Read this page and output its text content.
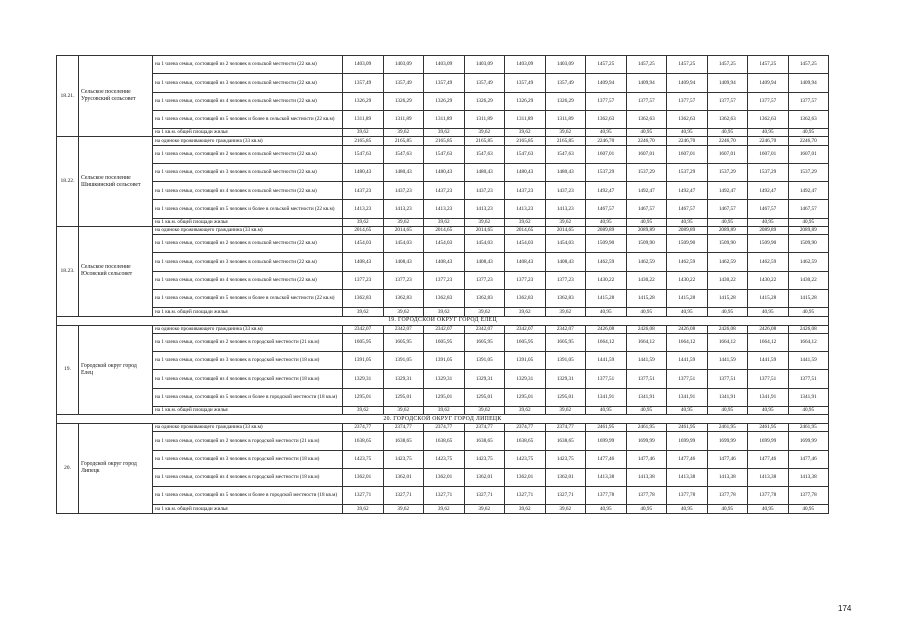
18.21.	Сельское поселение Урусовский сельсовет	на 1 члена семьи, состоящей из 2 человек в сельской местности (22 кв.м)	1403,09	1403,09	1403,09	1403,09	1403,09	1403,09	1457,25	1457,25	1457,25	1457,25	1457,25	1457,25
		на 1 члена семьи, состоящей из 3 человек в сельской местности (22 кв.м)	1357,49	1357,49	1357,49	1357,49	1357,49	1357,49	1409,94	1409,94	1409,94	1409,94	1409,94	1409,94
		на 1 члена семьи, состоящей из 4 человек в сельской местности (22 кв.м)	1326,29	1326,29	1326,29	1326,29	1326,29	1326,29	1377,57	1377,57	1377,57	1377,57	1377,57	1377,57
		на 1 члена семьи, состоящей из 5 человек и более в сельской местности (22 кв.м)	1311,89	1311,89	1311,89	1311,89	1311,89	1311,89	1362,63	1362,63	1362,63	1362,63	1362,63	1362,63
		на 1 кв.м. общей площади жилья	39,62	39,62	39,62	39,62	39,62	39,62	40,95	40,95	40,95	40,95	40,95	40,95
18.22.	Сельское поселение Шишкинский сельсовет	на одиноко проживающего гражданина (33 кв.м)	2165,85	2165,85	2165,85	2165,85	2165,85	2165,85	2246,70	2246,70	2246,70	2246,70	2246,70	2246,70
		на 1 члена семьи, состоящей из 2 человек в сельской местности (22 кв.м)	1547,63	1547,63	1547,63	1547,63	1547,63	1547,63	1607,01	1607,01	1607,01	1607,01	1607,01	1607,01
		на 1 члена семьи, состоящей из 3 человек в сельской местности (22 кв.м)	1480,43	1480,43	1480,43	1480,43	1480,43	1480,43	1537,29	1537,29	1537,29	1537,29	1537,29	1537,29
		на 1 члена семьи, состоящей из 4 человек в сельской местности (22 кв.м)	1437,23	1437,23	1437,23	1437,23	1437,23	1437,23	1492,47	1492,47	1492,47	1492,47	1492,47	1492,47
		на 1 члена семьи, состоящей из 5 человек и более в сельской местности (22 кв.м)	1413,23	1413,23	1413,23	1413,23	1413,23	1413,23	1467,57	1467,57	1467,57	1467,57	1467,57	1467,57
		на 1 кв.м. общей площади жилья	39,62	39,62	39,62	39,62	39,62	39,62	40,95	40,95	40,95	40,95	40,95	40,95
18.23.	Сельское поселение Юсовский сельсовет	на одиноко проживающего гражданина (33 кв.м)	2014,65	2014,65	2014,65	2014,65	2014,65	2014,65	2089,89	2089,89	2089,89	2089,89	2089,89	2089,89
		на 1 члена семьи, состоящей из 2 человек в сельской местности (22 кв.м)	1454,03	1454,03	1454,03	1454,03	1454,03	1454,03	1509,90	1509,90	1509,90	1509,90	1509,90	1509,90
		на 1 члена семьи, состоящей из 3 человек в сельской местности (22 кв.м)	1408,43	1408,43	1408,43	1408,43	1408,43	1408,43	1462,59	1462,59	1462,59	1462,59	1462,59	1462,59
		на 1 члена семьи, состоящей из 4 человек в сельской местности (22 кв.м)	1377,23	1377,23	1377,23	1377,23	1377,23	1377,23	1430,22	1430,22	1430,22	1430,22	1430,22	1430,22
		на 1 члена семьи, состоящей из 5 человек и более в сельской местности (22 кв.м)	1362,83	1362,83	1362,83	1362,83	1362,83	1362,83	1415,28	1415,28	1415,28	1415,28	1415,28	1415,28
		на 1 кв.м. общей площади жилья	39,62	39,62	39,62	39,62	39,62	39,62	40,95	40,95	40,95	40,95	40,95	40,95
19. ГОРОДСКОЙ ОКРУГ ГОРОД ЕЛЕЦ														
19.	Городской округ город Елец	на одиноко проживающего гражданина (33 кв.м)	2342,07	2342,07	2342,07	2342,07	2342,07	2342,07	2426,08	2426,08	2426,08	2426,08	2426,08	2426,08
		на 1 члена семьи, состоящей из 2 человек в городской местности (21 кв.м)	1605,95	1605,95	1605,95	1605,95	1605,95	1605,95	1664,12	1664,12	1664,12	1664,12	1664,12	1664,12
		на 1 члена семьи, состоящей из 3 человек в городской местности (18 кв.м)	1391,05	1391,05	1391,05	1391,05	1391,05	1391,05	1441,59	1441,59	1441,59	1441,59	1441,59	1441,59
		на 1 члена семьи, состоящей из 4 человек в городской местности (18 кв.м)	1329,31	1329,31	1329,31	1329,31	1329,31	1329,31	1377,51	1377,51	1377,51	1377,51	1377,51	1377,51
		на 1 члена семьи, состоящей из 5 человек и более в городской местности (18 кв.м)	1295,01	1295,01	1295,01	1295,01	1295,01	1295,01	1341,91	1341,91	1341,91	1341,91	1341,91	1341,91
		на 1 кв.м. общей площади жилья	39,62	39,62	39,62	39,62	39,62	39,62	40,95	40,95	40,95	40,95	40,95	40,95
20. ГОРОДСКОЙ ОКРУГ ГОРОД ЛИПЕЦК														
20.	Городской округ город Липецк	на одиноко проживающего гражданина (33 кв.м)	2374,77	2374,77	2374,77	2374,77	2374,77	2374,77	2461,95	2461,95	2461,95	2461,95	2461,95	2461,95
		на 1 члена семьи, состоящей из 2 человек в городской местности (21 кв.м)	1638,65	1638,65	1638,65	1638,65	1638,65	1638,65	1699,99	1699,99	1699,99	1699,99	1699,99	1699,99
		на 1 члена семьи, состоящей из 3 человек в городской местности (18 кв.м)	1423,75	1423,75	1423,75	1423,75	1423,75	1423,75	1477,46	1477,46	1477,46	1477,46	1477,46	1477,46
		на 1 члена семьи, состоящей из 4 человек в городской местности (18 кв.м)	1362,01	1362,01	1362,01	1362,01	1362,01	1362,01	1413,38	1413,38	1413,38	1413,38	1413,38	1413,38
		на 1 члена семьи, состоящей из 5 человек и более в городской местности (18 кв.м)	1327,71	1327,71	1327,71	1327,71	1327,71	1327,71	1377,78	1377,78	1377,78	1377,78	1377,78	1377,78
		на 1 кв.м. общей площади жилья	39,62	39,62	39,62	39,62	39,62	39,62	40,95	40,95	40,95	40,95	40,95	40,95
174
